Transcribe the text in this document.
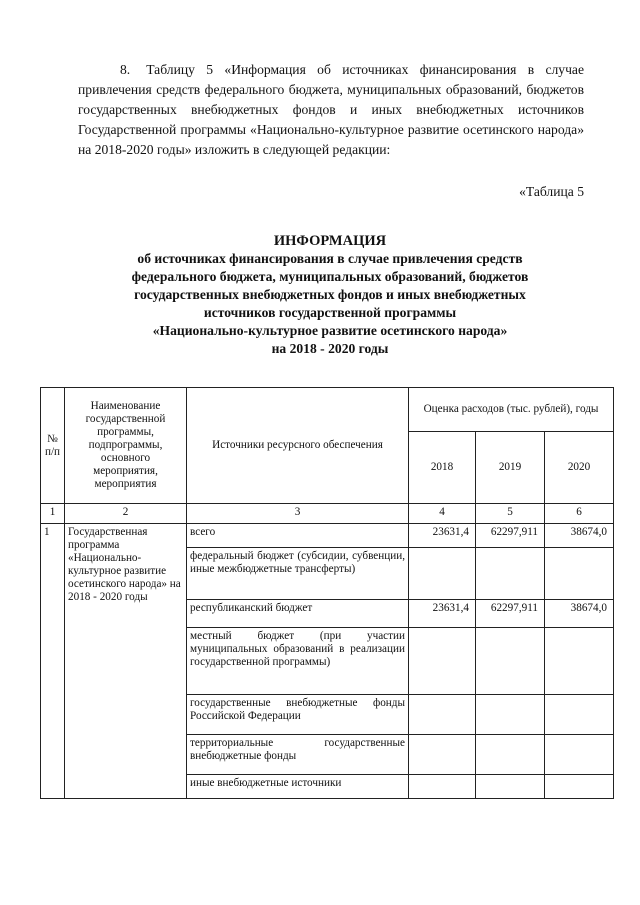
8. Таблицу 5 «Информация об источниках финансирования в случае привлечения средств федерального бюджета, муниципальных образований, бюджетов государственных внебюджетных фондов и иных внебюджетных источников Государственной программы «Национально-культурное развитие осетинского народа» на 2018-2020 годы» изложить в следующей редакции:
«Таблица 5
ИНФОРМАЦИЯ
об источниках финансирования в случае привлечения средств
федерального бюджета, муниципальных образований, бюджетов
государственных внебюджетных фондов и иных внебюджетных
источников государственной программы
«Национально-культурное развитие осетинского народа»
на 2018 - 2020 годы
№ п/п	Наименование государственной программы, подпрограммы, основного мероприятия, мероприятия	Источники ресурсного обеспечения	Оценка расходов (тыс. рублей), годы		
			2018	2019	2020
1	2	3	4	5	6
1	Государственная программа «Национально-культурное развитие осетинского народа» на 2018 - 2020 годы	всего	23631,4	62297,911	38674,0
		федеральный бюджет (субсидии, субвенции, иные межбюджетные трансферты)			
		республиканский бюджет	23631,4	62297,911	38674,0
		местный бюджет (при участии муниципальных образований в реализации государственной программы)			
		государственные внебюджетные фонды Российской Федерации			
		территориальные государственные внебюджетные фонды			
		иные внебюджетные источники			
